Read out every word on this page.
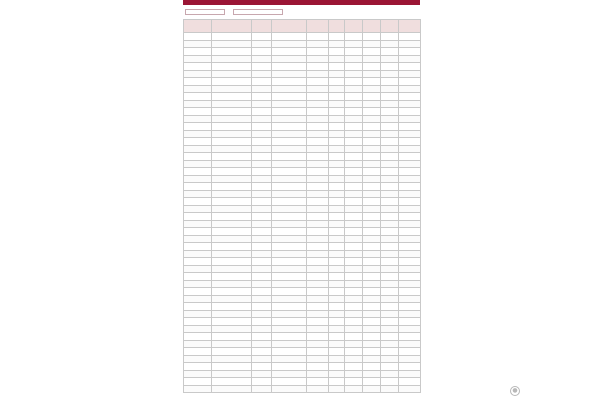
●
